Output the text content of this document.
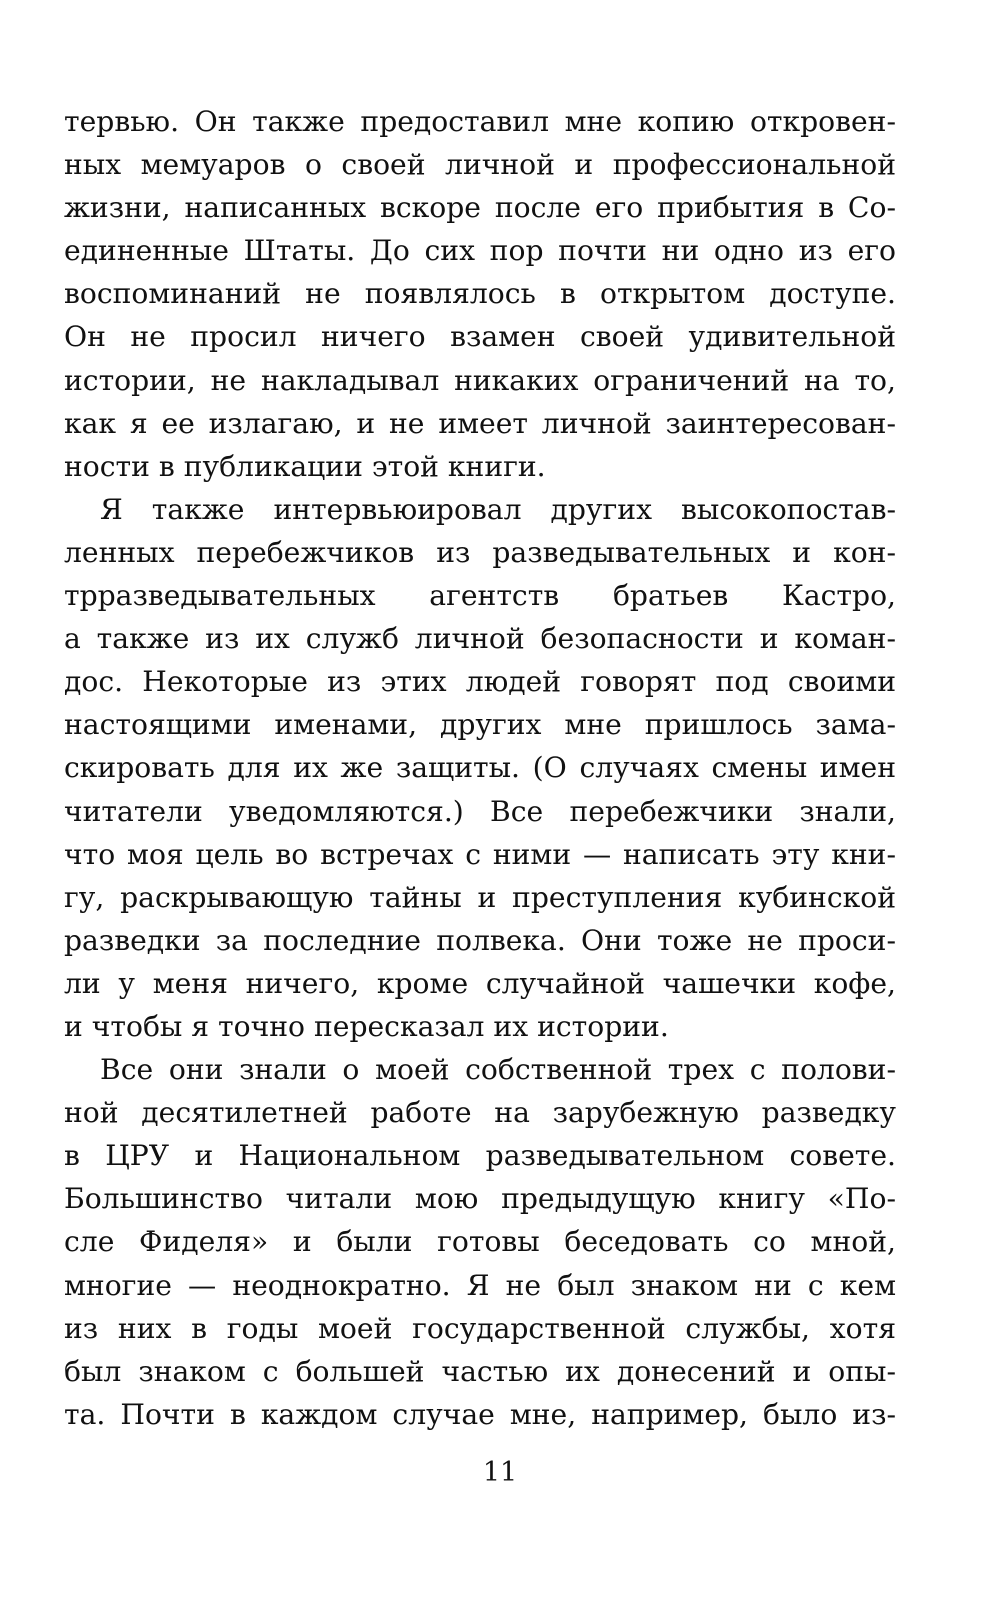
тервью. Он также предоставил мне копию откровен-
ных мемуаров о своей личной и профессиональной
жизни, написанных вскоре после его прибытия в Со-
единенные Штаты. До сих пор почти ни одно из его
воспоминаний не появлялось в открытом доступе.
Он не просил ничего взамен своей удивительной
истории, не накладывал никаких ограничений на то,
как я ее излагаю, и не имеет личной заинтересован-
ности в публикации этой книги.
Я также интервьюировал других высокопостав-
ленных перебежчиков из разведывательных и кон-
трразведывательных агентств братьев Кастро,
а также из их служб личной безопасности и коман-
дос. Некоторые из этих людей говорят под своими
настоящими именами, других мне пришлось зама-
скировать для их же защиты. (О случаях смены имен
читатели уведомляются.) Все перебежчики знали,
что моя цель во встречах с ними — написать эту кни-
гу, раскрывающую тайны и преступления кубинской
разведки за последние полвека. Они тоже не проси-
ли у меня ничего, кроме случайной чашечки кофе,
и чтобы я точно пересказал их истории.
Все они знали о моей собственной трех с полови-
ной десятилетней работе на зарубежную разведку
в ЦРУ и Национальном разведывательном совете.
Большинство читали мою предыдущую книгу «По-
сле Фиделя» и были готовы беседовать со мной,
многие — неоднократно. Я не был знаком ни с кем
из них в годы моей государственной службы, хотя
был знаком с большей частью их донесений и опы-
та. Почти в каждом случае мне, например, было из-
11
